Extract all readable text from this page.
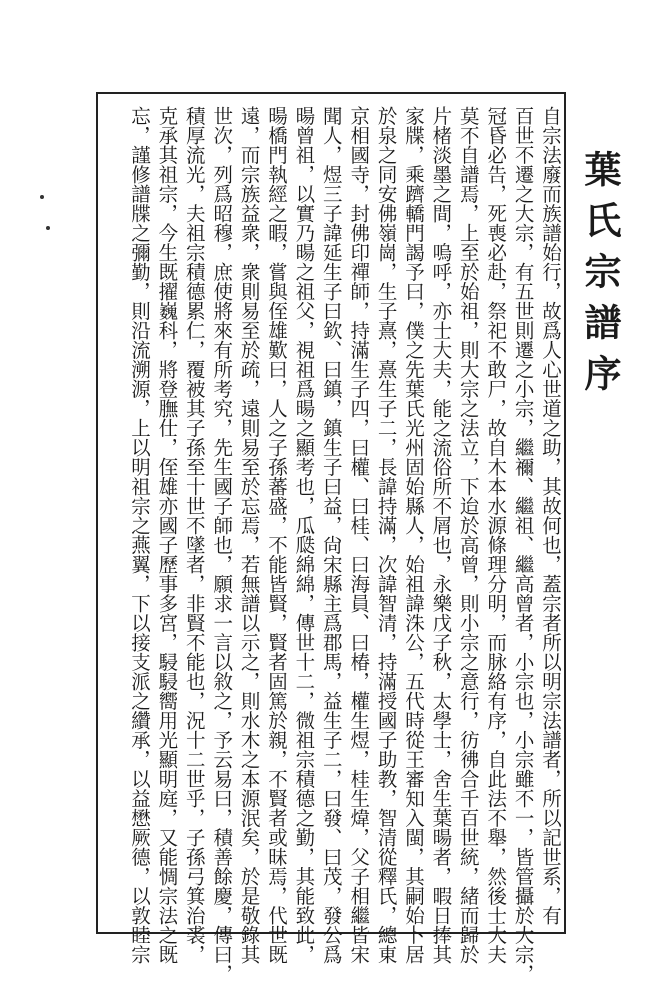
葉氏宗譜序
自宗法廢而族譜始行，故爲人心世道之助，其故何也，蓋宗者所以明宗法譜者，所以記世系，有
百世不遷之大宗，有五世則遷之小宗，繼禰、繼祖、繼高曾者，小宗也，小宗雖不一，皆管攝於大宗，
冠昏必告，死喪必赴，祭祀不敢尸，故自木本水源條理分明，而脉絡有序，自此法不舉，然後士大夫
莫不自譜焉，上至於始祖，則大宗之法立，下迨於高曾，則小宗之意行，彷彿合千百世統，緒而歸於
片楮淡墨之間，嗚呼，亦士大夫，能之流俗所不屑也，永樂戊子秋，太學士，舍生葉暘者，暇日捧其
家牒，乘躋轎門謁予曰，僕之先葉氏光州固始縣人，始祖諱洙公，五代時從王審知入閩，其嗣始卜居
於泉之同安佛嶺崗，生子熹，熹生子二，長諱持滿，次諱智清，持滿授國子助教，智清從釋氏，總東
京相國寺，封佛印禪師，持滿生子四，曰權、曰桂、曰海員、曰椿，權生煜，桂生煒，父子相繼皆宋
聞人，煜三子諱延生子曰欽、曰鎮，鎮生子曰益，尙宋縣主爲郡馬，益生子二，曰發、曰茂，發公爲
暘曾祖，以實乃暘之祖父，視祖爲暘之顯考也，瓜瓞綿綿，傳世十二，微祖宗積德之勤，其能致此，
暘橋門執經之暇，嘗與侄雄歎曰，人之子孫蕃盛，不能皆賢，賢者固篤於親，不賢者或昧焉，代世既
遠，而宗族益衆，衆則易至於疏，遠則易至於忘焉，若無譜以示之，則水木之本源泯矣，於是敬錄其
世次，列爲昭穆，庶使將來有所考究，先生國子師也，願求一言以敘之，予云易曰，積善餘慶，傳曰，
積厚流光，夫祖宗積德累仁，覆被其子孫至十世不墜者，非賢不能也，況十二世乎，子孫弓箕治裘，
克承其祖宗，今生既擢巍科，將登膴仕，侄雄亦國子歷事多宮，駸駸嚮用光顯明庭，又能惆宗法之既
忘，謹修譜牒之彌勤，則沿流溯源，上以明祖宗之燕翼，下以接支派之纘承，以益懋厥德，以敦睦宗
